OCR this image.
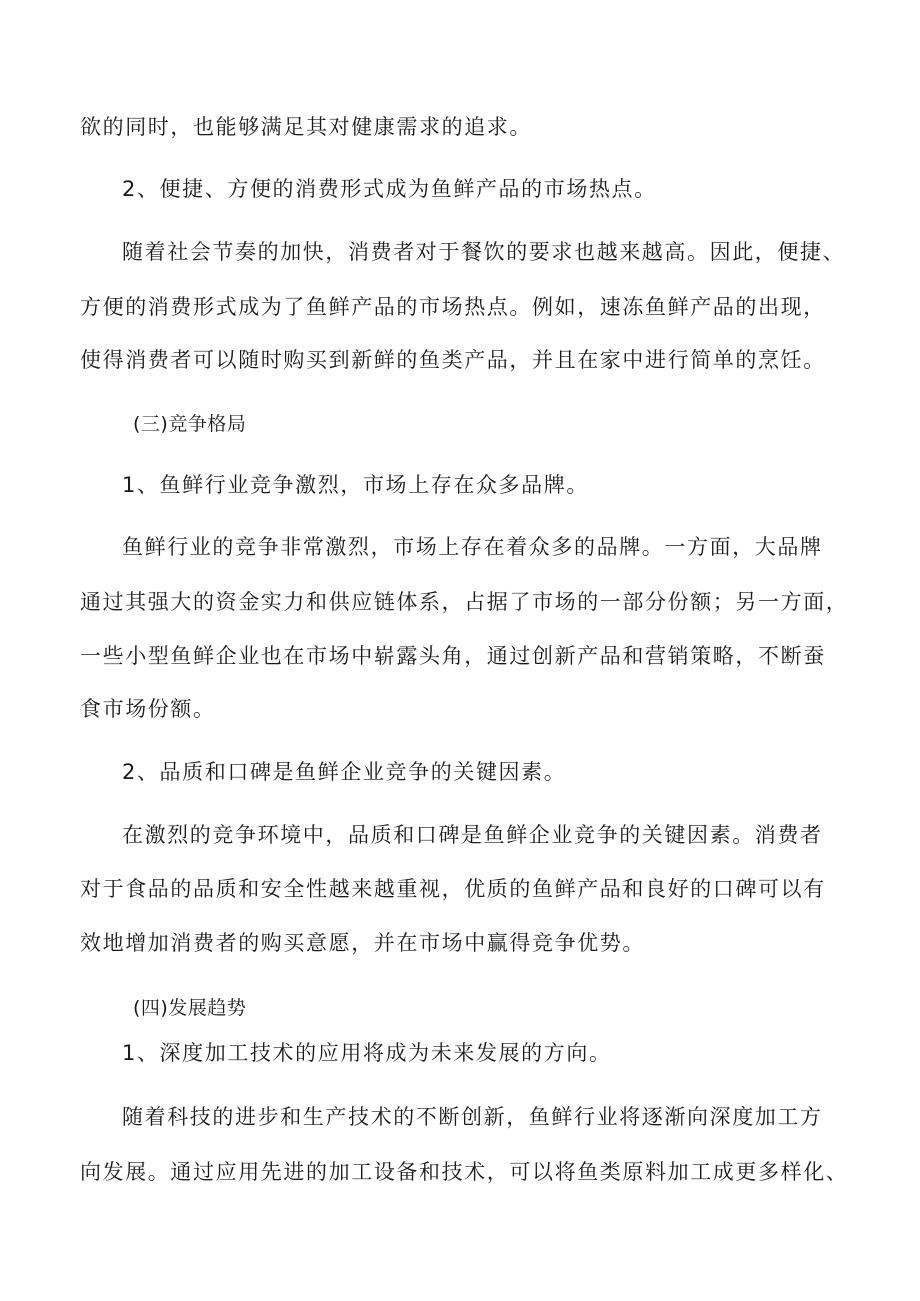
欲的同时，也能够满足其对健康需求的追求。
2、便捷、方便的消费形式成为鱼鲜产品的市场热点。
随着社会节奏的加快，消费者对于餐饮的要求也越来越高。因此，便捷、
方便的消费形式成为了鱼鲜产品的市场热点。例如，速冻鱼鲜产品的出现，
使得消费者可以随时购买到新鲜的鱼类产品，并且在家中进行简单的烹饪。
(三)竞争格局
1、鱼鲜行业竞争激烈，市场上存在众多品牌。
鱼鲜行业的竞争非常激烈，市场上存在着众多的品牌。一方面，大品牌
通过其强大的资金实力和供应链体系，占据了市场的一部分份额；另一方面，
一些小型鱼鲜企业也在市场中崭露头角，通过创新产品和营销策略，不断蚕
食市场份额。
2、品质和口碑是鱼鲜企业竞争的关键因素。
在激烈的竞争环境中，品质和口碑是鱼鲜企业竞争的关键因素。消费者
对于食品的品质和安全性越来越重视，优质的鱼鲜产品和良好的口碑可以有
效地增加消费者的购买意愿，并在市场中赢得竞争优势。
(四)发展趋势
1、深度加工技术的应用将成为未来发展的方向。
随着科技的进步和生产技术的不断创新，鱼鲜行业将逐渐向深度加工方
向发展。通过应用先进的加工设备和技术，可以将鱼类原料加工成更多样化、
